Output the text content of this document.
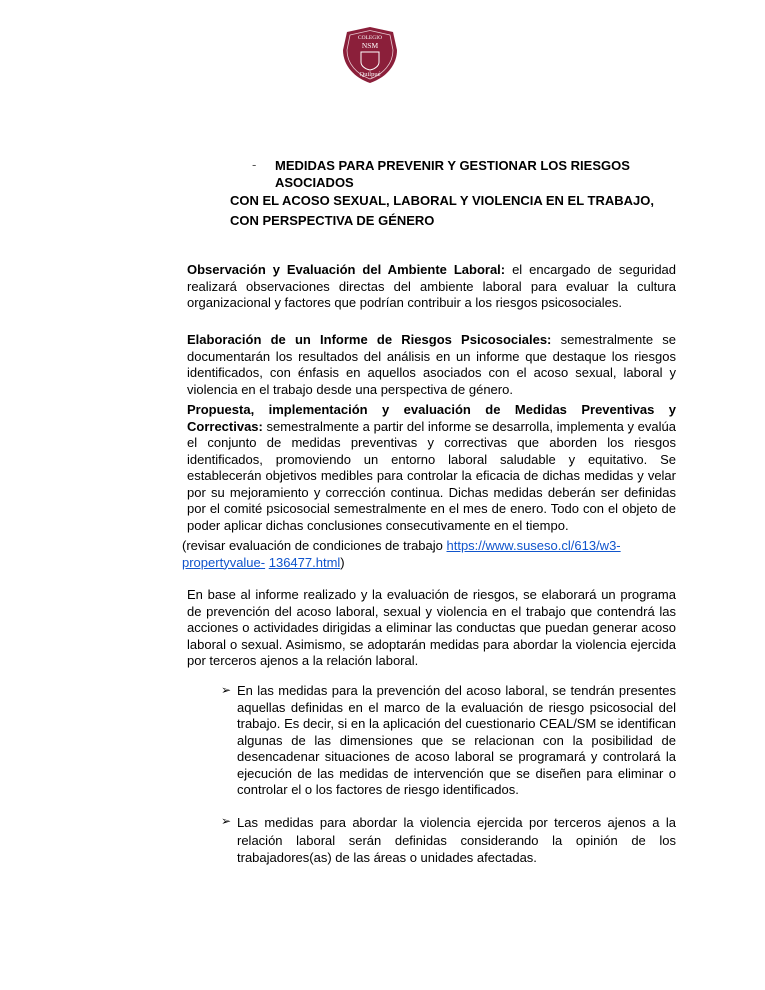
COLEGIO
NSM
Quilpué
- MEDIDAS PARA PREVENIR Y GESTIONAR LOS RIESGOS ASOCIADOS
CON EL ACOSO SEXUAL, LABORAL Y VIOLENCIA EN EL TRABAJO,
CON PERSPECTIVA DE GÉNERO
Observación y Evaluación del Ambiente Laboral: el encargado de seguridad realizará observaciones directas del ambiente laboral para evaluar la cultura organizacional y factores que podrían contribuir a los riesgos psicosociales.
Elaboración de un Informe de Riesgos Psicosociales: semestralmente se documentarán los resultados del análisis en un informe que destaque los riesgos identificados, con énfasis en aquellos asociados con el acoso sexual, laboral y violencia en el trabajo desde una perspectiva de género.
Propuesta, implementación y evaluación de Medidas Preventivas y Correctivas: semestralmente a partir del informe se desarrolla, implementa y evalúa el conjunto de medidas preventivas y correctivas que aborden los riesgos identificados, promoviendo un entorno laboral saludable y equitativo. Se establecerán objetivos medibles para controlar la eficacia de dichas medidas y velar por su mejoramiento y corrección continua. Dichas medidas deberán ser definidas por el comité psicosocial semestralmente en el mes de enero. Todo con el objeto de poder aplicar dichas conclusiones consecutivamente en el tiempo.
(revisar evaluación de condiciones de trabajo https://www.suseso.cl/613/w3-propertyvalue- 136477.html)
En base al informe realizado y la evaluación de riesgos, se elaborará un programa de prevención del acoso laboral, sexual y violencia en el trabajo que contendrá las acciones o actividades dirigidas a eliminar las conductas que puedan generar acoso laboral o sexual. Asimismo, se adoptarán medidas para abordar la violencia ejercida por terceros ajenos a la relación laboral.
➢ En las medidas para la prevención del acoso laboral, se tendrán presentes aquellas definidas en el marco de la evaluación de riesgo psicosocial del trabajo. Es decir, si en la aplicación del cuestionario CEAL/SM se identifican algunas de las dimensiones que se relacionan con la posibilidad de desencadenar situaciones de acoso laboral se programará y controlará la ejecución de las medidas de intervención que se diseñen para eliminar o controlar el o los factores de riesgo identificados.
➢ Las medidas para abordar la violencia ejercida por terceros ajenos a la relación laboral serán definidas considerando la opinión de los trabajadores(as) de las áreas o unidades afectadas.
